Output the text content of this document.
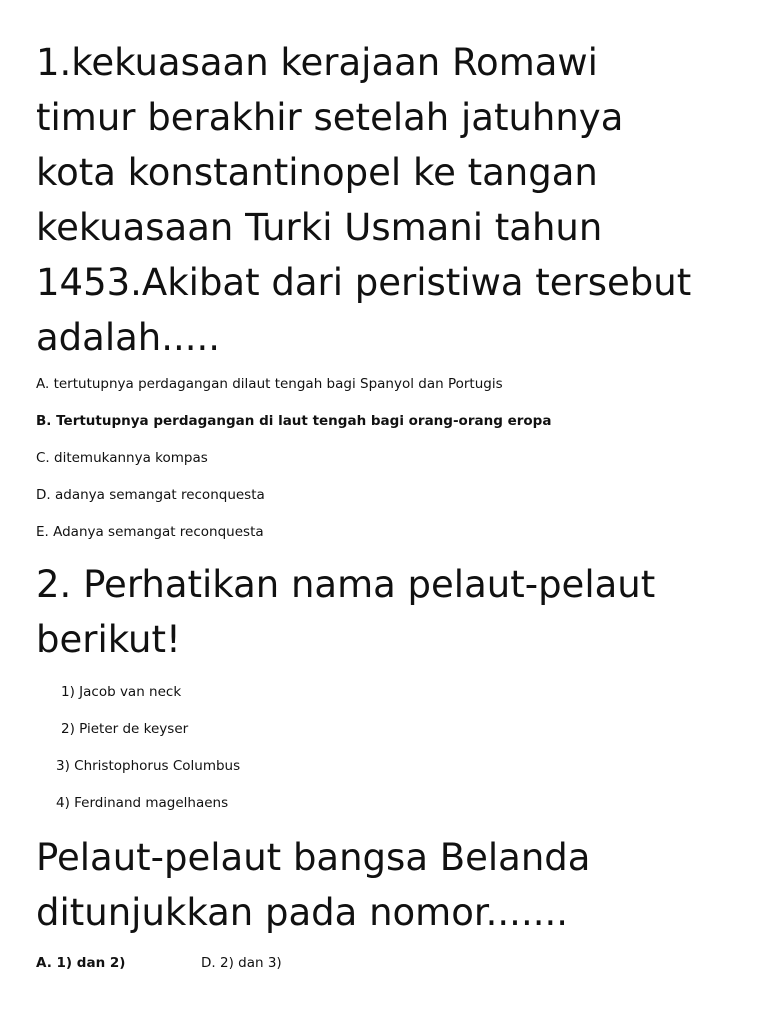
1.kekuasaan kerajaan Romawi

timur berakhir setelah jatuhnya

kota konstantinopel ke tangan

kekuasaan Turki Usmani tahun

1453.Akibat dari peristiwa tersebut

adalah.....

A. tertutupnya perdagangan dilaut tengah bagi Spanyol dan Portugis

B. Tertutupnya perdagangan di laut tengah bagi orang-orang eropa

C. ditemukannya kompas

D. adanya semangat reconquesta

E. Adanya semangat reconquesta

2. Perhatikan nama pelaut-pelaut

berikut!

1) Jacob van neck

2) Pieter de keyser

3) Christophorus Columbus

4) Ferdinand magelhaens

Pelaut-pelaut bangsa Belanda

ditunjukkan pada nomor.......

A. 1) dan 2)	D. 2) dan 3)
